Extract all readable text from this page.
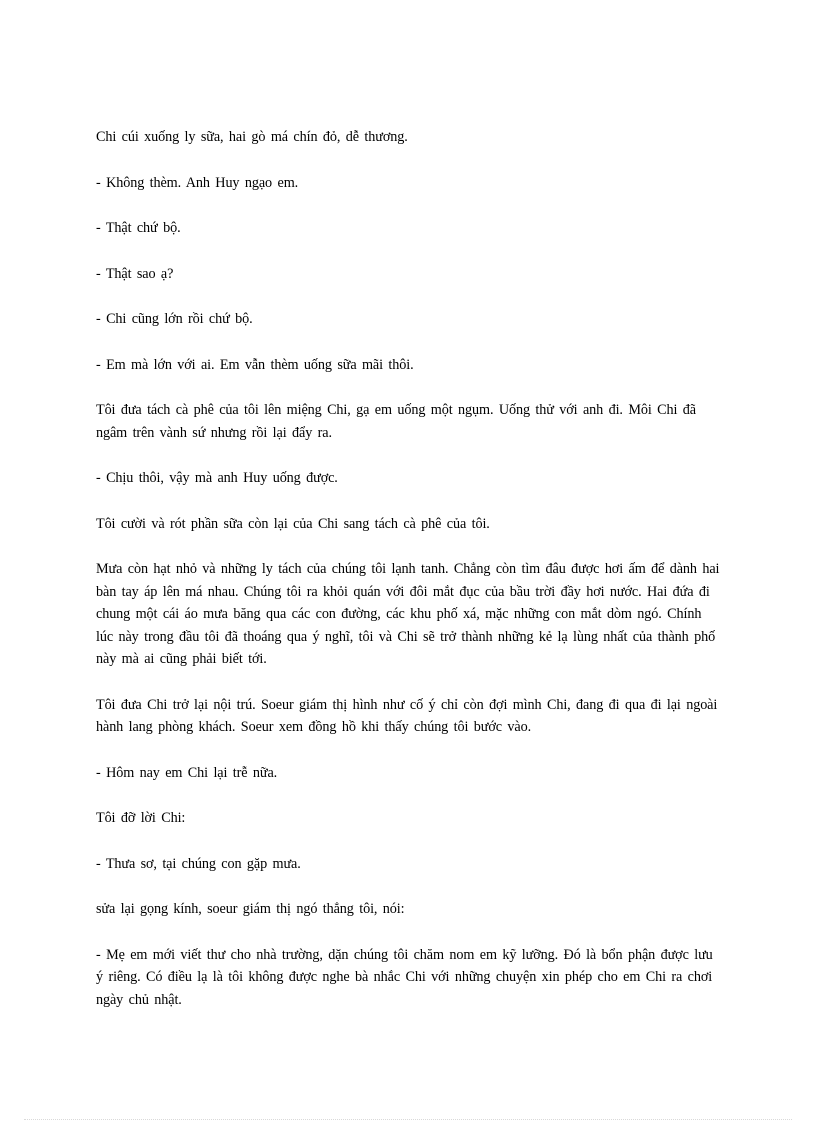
Chi cúi xuống ly sữa, hai gò má chín đỏ, dễ thương.

- Không thèm. Anh Huy ngạo em.

- Thật chứ bộ.

- Thật sao ạ?

- Chi cũng lớn rồi chứ bộ.

- Em mà lớn với ai. Em vẫn thèm uống sữa mãi thôi.

Tôi đưa tách cà phê của tôi lên miệng Chi, gạ em uống một ngụm. Uống thử với anh đi. Môi Chi đã ngâm trên vành sứ nhưng rồi lại đẩy ra.

- Chịu thôi, vậy mà anh Huy uống được.

Tôi cười và rót phần sữa còn lại của Chi sang tách cà phê của tôi.

Mưa còn hạt nhỏ và những ly tách của chúng tôi lạnh tanh. Chẳng còn tìm đâu được hơi ấm để dành hai bàn tay áp lên má nhau. Chúng tôi ra khỏi quán với đôi mắt đục của bầu trời đầy hơi nước. Hai đứa đi chung một cái áo mưa băng qua các con đường, các khu phố xá, mặc những con mắt dòm ngó. Chính lúc này trong đầu tôi đã thoáng qua ý nghĩ, tôi và Chi sẽ trở thành những kẻ lạ lùng nhất của thành phố này mà ai cũng phải biết tới.

Tôi đưa Chi trở lại nội trú. Soeur giám thị hình như cố ý chỉ còn đợi mình Chi, đang đi qua đi lại ngoài hành lang phòng khách. Soeur xem đồng hồ khi thấy chúng tôi bước vào.

- Hôm nay em Chi lại trễ nữa.

Tôi đỡ lời Chi:

- Thưa sơ, tại chúng con gặp mưa.

sửa lại gọng kính, soeur giám thị ngó thẳng tôi, nói:

- Mẹ em mới viết thư cho nhà trường, dặn chúng tôi chăm nom em kỹ lưỡng. Đó là bổn phận được lưu ý riêng. Có điều lạ là tôi không được nghe bà nhắc Chi với những chuyện xin phép cho em Chi ra chơi ngày chủ nhật.
